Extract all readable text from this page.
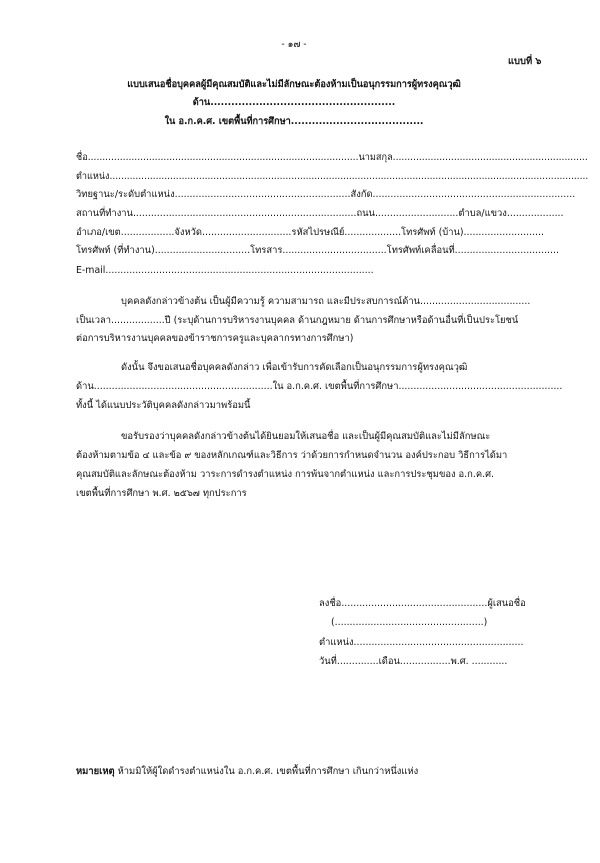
- ๑๗ -
แบบที่ ๖
แบบเสนอชื่อบุคคลผู้มีคุณสมบัติและไม่มีลักษณะต้องห้ามเป็นอนุกรรมการผู้ทรงคุณวุฒิ
ด้าน.....................................................
ใน อ.ก.ค.ศ. เขตพื้นที่การศึกษา......................................
ชื่อ.............................................................................................นามสกุล...................................................................
ตำแหน่ง......................................................................................................................................................................
วิทยฐานะ/ระดับตำแหน่ง...........................................................สังกัด....................................................................
สถานที่ทำงาน...........................................................................ถนน............................ตำบล/แขวง...................
อำเภอ/เขต..................จังหวัด..............................รหัสไปรษณีย์...................โทรศัพท์ (บ้าน)...........................
โทรศัพท์ (ที่ทำงาน)................................โทรสาร...................................โทรศัพท์เคลื่อนที่...................................
E-mail..........................................................................................
บุคคลดังกล่าวข้างต้น เป็นผู้มีความรู้ ความสามารถ และมีประสบการณ์ด้าน.....................................
เป็นเวลา..................ปี (ระบุด้านการบริหารงานบุคคล ด้านกฎหมาย ด้านการศึกษาหรือด้านอื่นที่เป็นประโยชน์
ต่อการบริหารงานบุคคลของข้าราชการครูและบุคลากรทางการศึกษา)
ดังนั้น จึงขอเสนอชื่อบุคคลดังกล่าว เพื่อเข้ารับการคัดเลือกเป็นอนุกรรมการผู้ทรงคุณวุฒิ
ด้าน............................................................ใน อ.ก.ค.ศ. เขตพื้นที่การศึกษา.......................................................
ทั้งนี้ ได้แนบประวัติบุคคลดังกล่าวมาพร้อมนี้
ขอรับรองว่าบุคคลดังกล่าวข้างต้นได้ยินยอมให้เสนอชื่อ และเป็นผู้มีคุณสมบัติและไม่มีลักษณะ
ต้องห้ามตามข้อ ๔ และข้อ ๙ ของหลักเกณฑ์และวิธีการ ว่าด้วยการกำหนดจำนวน องค์ประกอบ วิธีการได้มา
คุณสมบัติและลักษณะต้องห้าม วาระการดำรงตำแหน่ง การพ้นจากตำแหน่ง และการประชุมของ อ.ก.ค.ศ.
เขตพื้นที่การศึกษา พ.ศ. ๒๕๖๗ ทุกประการ
ลงชื่อ.................................................ผู้เสนอชื่อ
(..................................................)
ตำแหน่ง.........................................................
วันที่..............เดือน.................พ.ศ. ............
หมายเหตุ ห้ามมิให้ผู้ใดดำรงตำแหน่งใน อ.ก.ค.ศ. เขตพื้นที่การศึกษา เกินกว่าหนึ่งแห่ง
